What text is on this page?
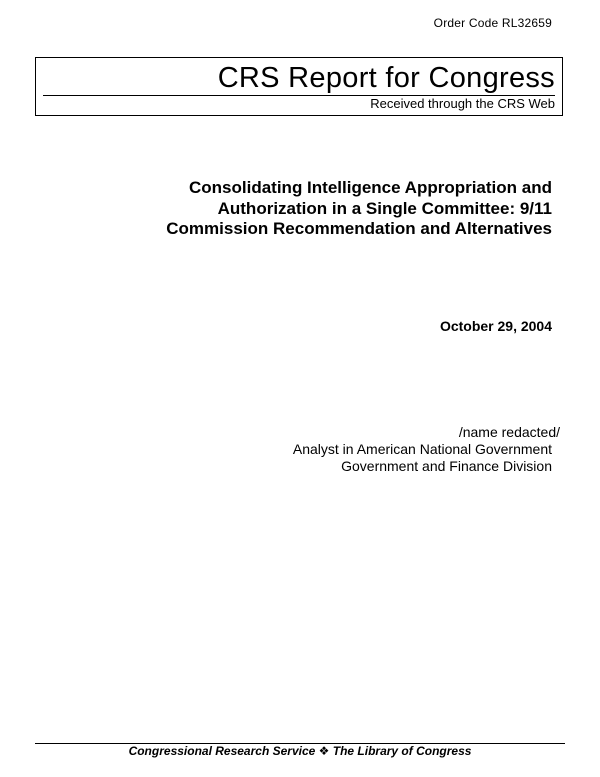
Order Code RL32659
CRS Report for Congress
Received through the CRS Web
Consolidating Intelligence Appropriation and
Authorization in a Single Committee: 9/11
Commission Recommendation and Alternatives
October 29, 2004
/name redacted/
Analyst in American National Government
Government and Finance Division
Congressional Research Service ❖ The Library of Congress
